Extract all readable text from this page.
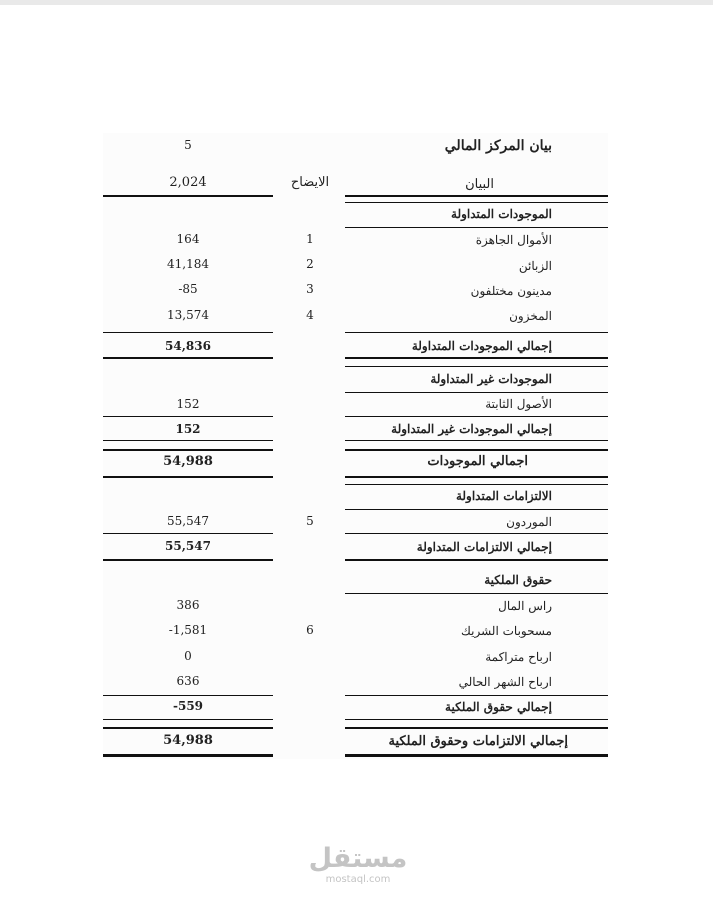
بيان المركز المالي
5
البيان
الايضاح
2,024
الموجودات المتداولة
الأموال الجاهزة
1
164
الزبائن
2
41,184
مدينون مختلفون
3
-85
المخزون
4
13,574
إجمالي الموجودات المتداولة
54,836
الموجودات غير المتداولة
الأصول الثابتة
152
إجمالي الموجودات غير المتداولة
152
اجمالي الموجودات
54,988
الالتزامات المتداولة
الموردون
5
55,547
إجمالي الالتزامات المتداولة
55,547
حقوق الملكية
راس المال
386
مسحوبات الشريك
6
-1,581
ارباح متراكمة
0
ارباح الشهر الحالي
636
إجمالي حقوق الملكية
-559
إجمالي الالتزامات وحقوق الملكية
54,988
مستقل
mostaql.com
